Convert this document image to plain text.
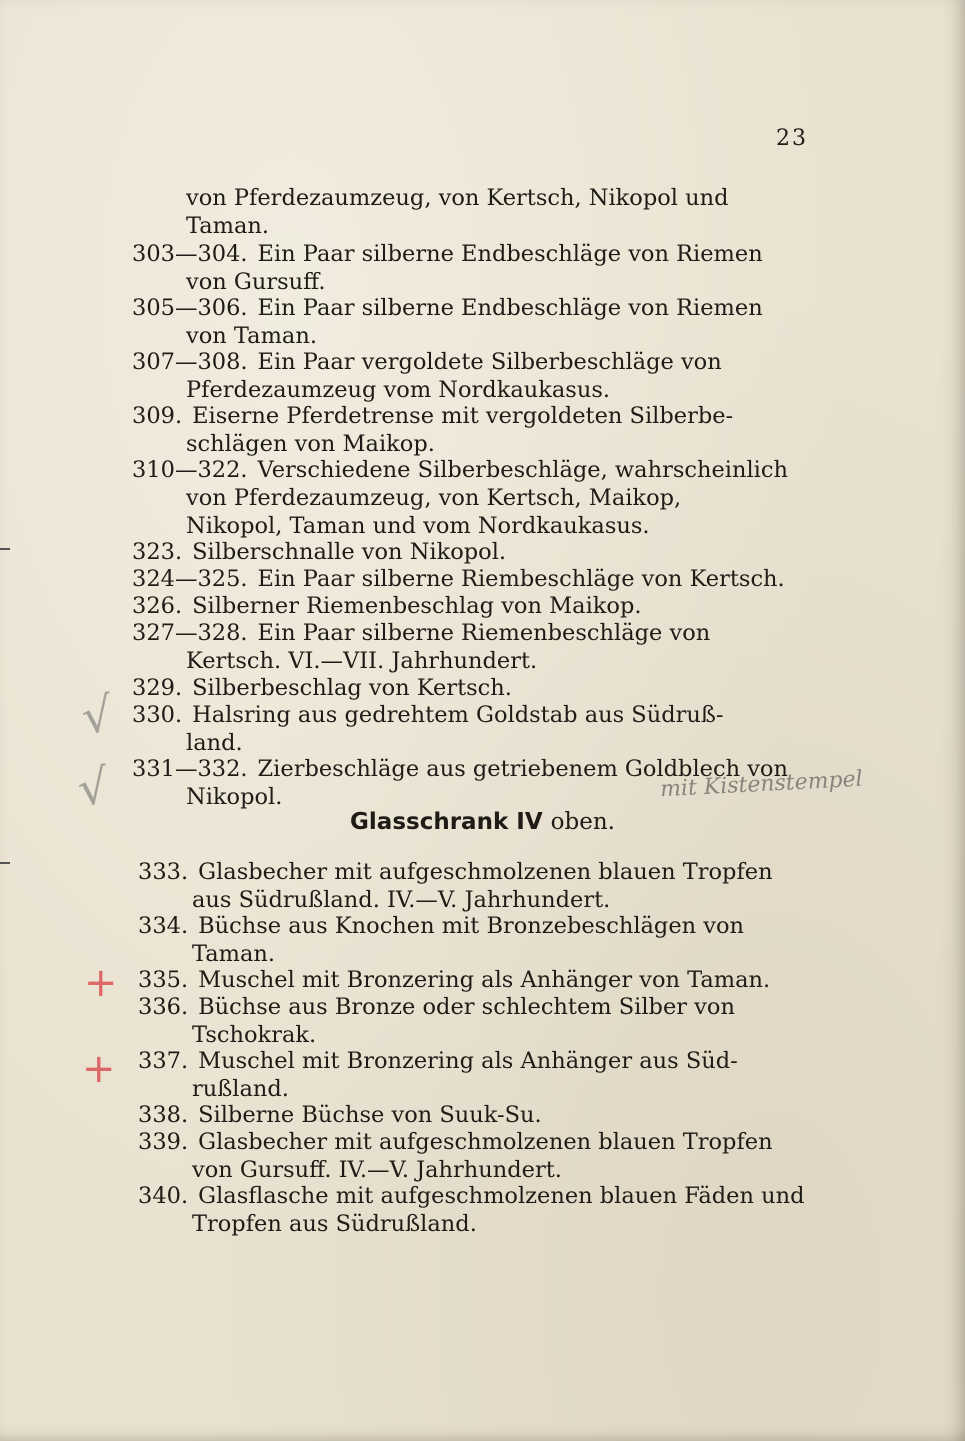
23
von Pferdezaumzeug, von Kertsch, Nikopol und
Taman.
303—304. Ein Paar silberne Endbeschläge von Riemen
von Gursuff.
305—306. Ein Paar silberne Endbeschläge von Riemen
von Taman.
307—308. Ein Paar vergoldete Silberbeschläge von
Pferdezaumzeug vom Nordkaukasus.
309. Eiserne Pferdetrense mit vergoldeten Silberbe-
schlägen von Maikop.
310—322. Verschiedene Silberbeschläge, wahrscheinlich
von Pferdezaumzeug, von Kertsch, Maikop,
Nikopol, Taman und vom Nordkaukasus.
323. Silberschnalle von Nikopol.
324—325. Ein Paar silberne Riembeschläge von Kertsch.
326. Silberner Riemenbeschlag von Maikop.
327—328. Ein Paar silberne Riemenbeschläge von
Kertsch. VI.—VII. Jahrhundert.
329. Silberbeschlag von Kertsch.
330. Halsring aus gedrehtem Goldstab aus Südruß-
land.
331—332. Zierbeschläge aus getriebenem Goldblech von
Nikopol.
Glasschrank IV oben.
333. Glasbecher mit aufgeschmolzenen blauen Tropfen
aus Südrußland. IV.—V. Jahrhundert.
334. Büchse aus Knochen mit Bronzebeschlägen von
Taman.
335. Muschel mit Bronzering als Anhänger von Taman.
336. Büchse aus Bronze oder schlechtem Silber von
Tschokrak.
337. Muschel mit Bronzering als Anhänger aus Süd-
rußland.
338. Silberne Büchse von Suuk-Su.
339. Glasbecher mit aufgeschmolzenen blauen Tropfen
von Gursuff. IV.—V. Jahrhundert.
340. Glasflasche mit aufgeschmolzenen blauen Fäden und
Tropfen aus Südrußland.
√
√
+
+
mit Kistenstempel
